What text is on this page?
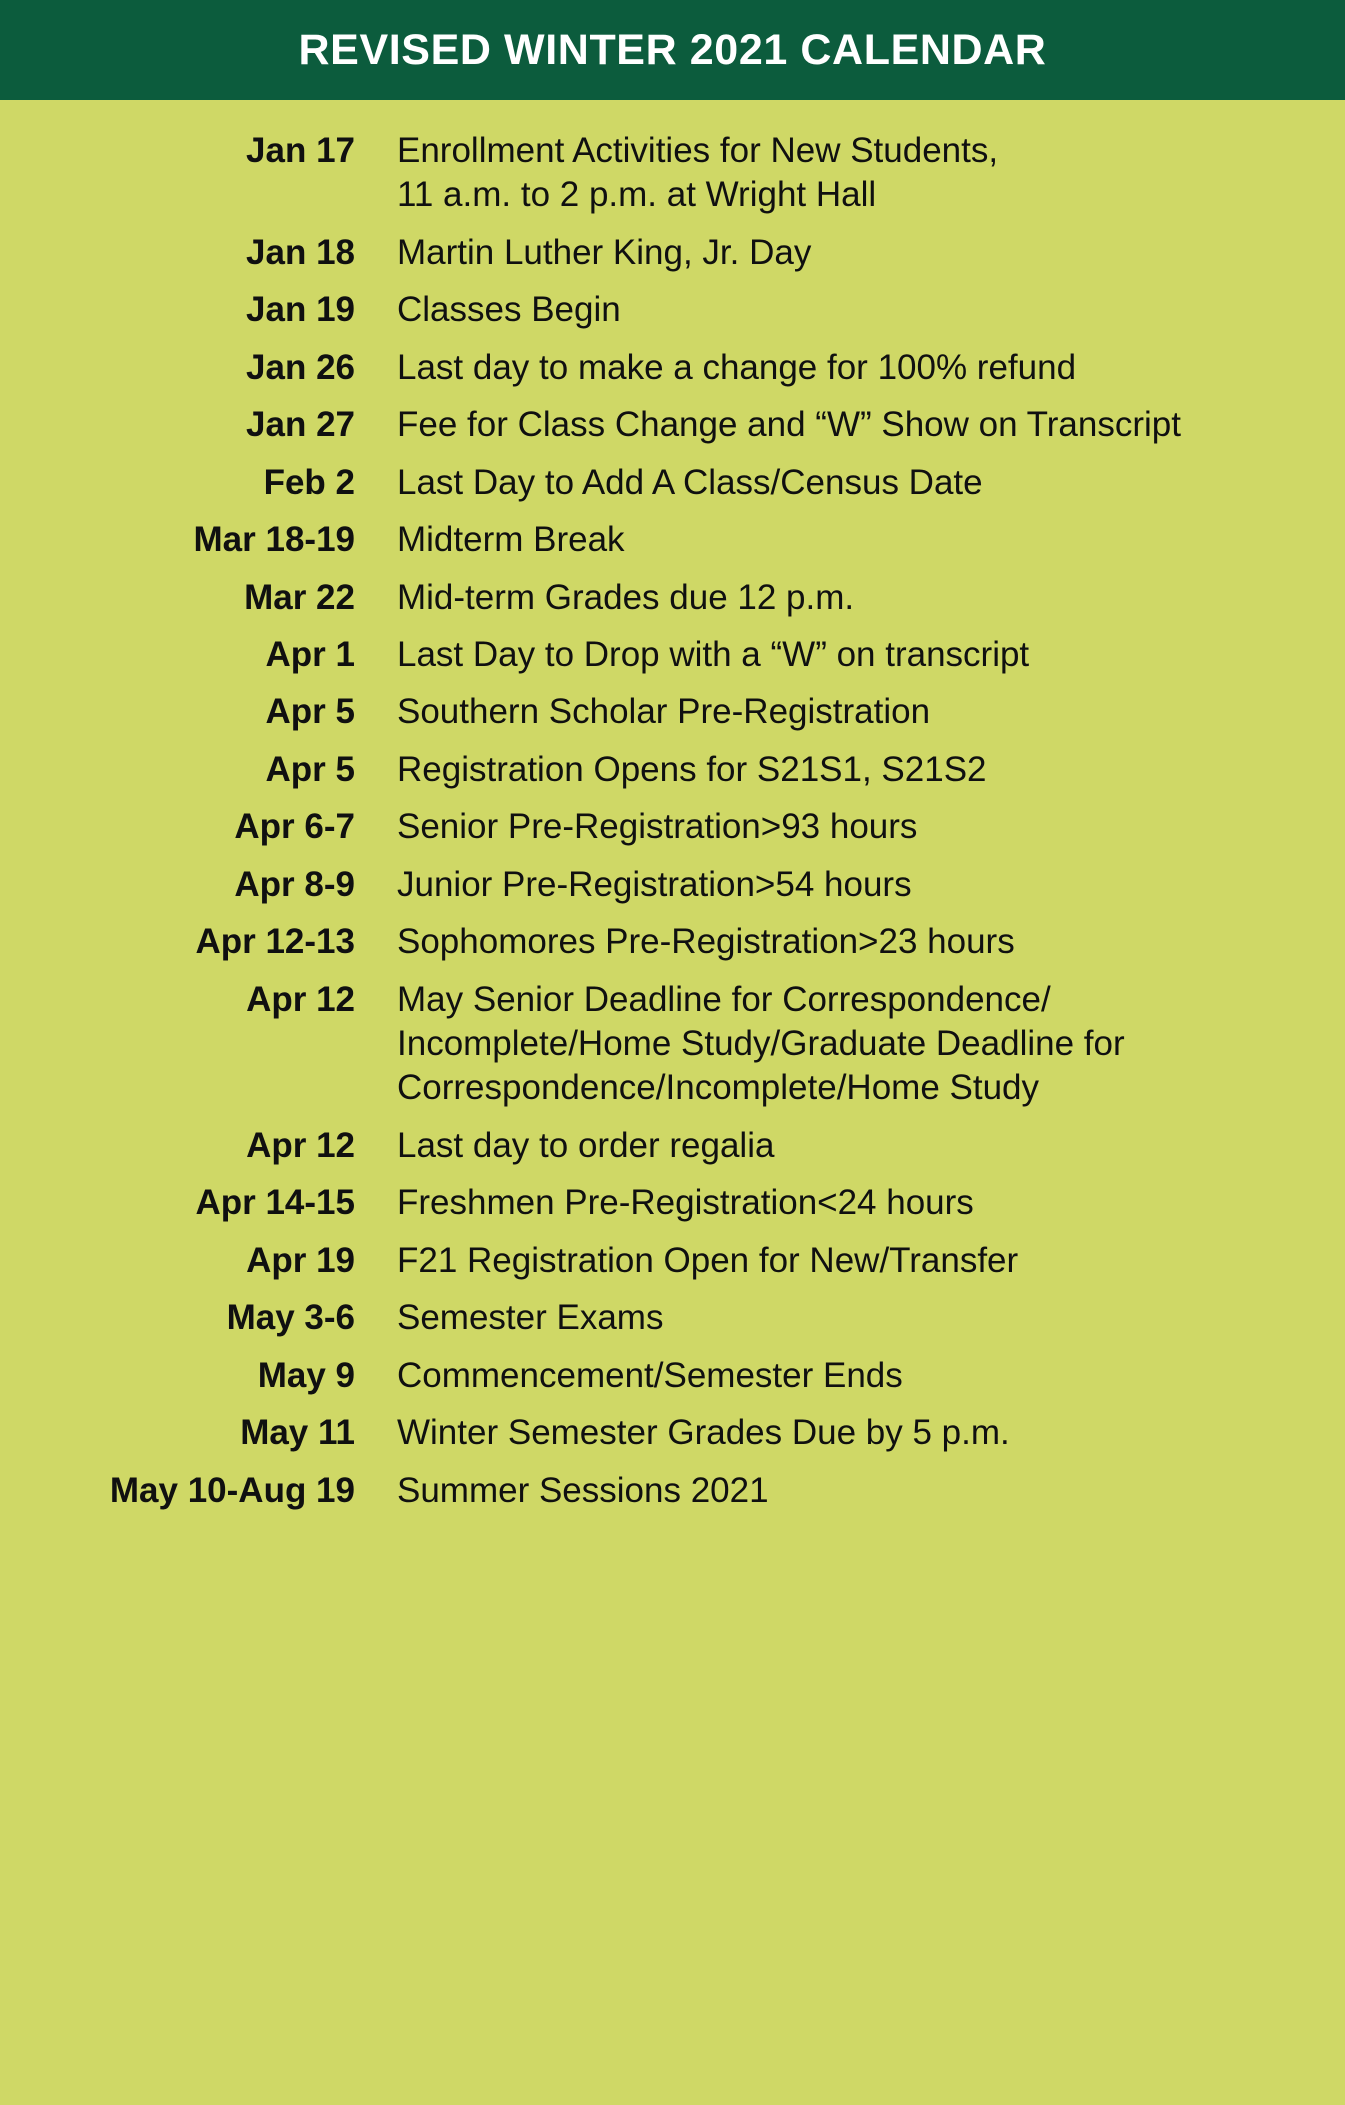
REVISED WINTER 2021 CALENDAR
Jan 17 Enrollment Activities for New Students,
11 a.m. to 2 p.m. at Wright Hall
Jan 18 Martin Luther King, Jr. Day
Jan 19 Classes Begin
Jan 26 Last day to make a change for 100% refund
Jan 27 Fee for Class Change and “W” Show on Transcript
Feb 2 Last Day to Add A Class/Census Date
Mar 18-19 Midterm Break
Mar 22 Mid-term Grades due 12 p.m.
Apr 1 Last Day to Drop with a “W” on transcript
Apr 5 Southern Scholar Pre-Registration
Apr 5 Registration Opens for S21S1, S21S2
Apr 6-7 Senior Pre-Registration>93 hours
Apr 8-9 Junior Pre-Registration>54 hours
Apr 12-13 Sophomores Pre-Registration>23 hours
Apr 12 May Senior Deadline for Correspondence/
Incomplete/Home Study/Graduate Deadline for
Correspondence/Incomplete/Home Study
Apr 12 Last day to order regalia
Apr 14-15 Freshmen Pre-Registration<24 hours
Apr 19 F21 Registration Open for New/Transfer
May 3-6 Semester Exams
May 9 Commencement/Semester Ends
May 11 Winter Semester Grades Due by 5 p.m.
May 10-Aug 19 Summer Sessions 2021
